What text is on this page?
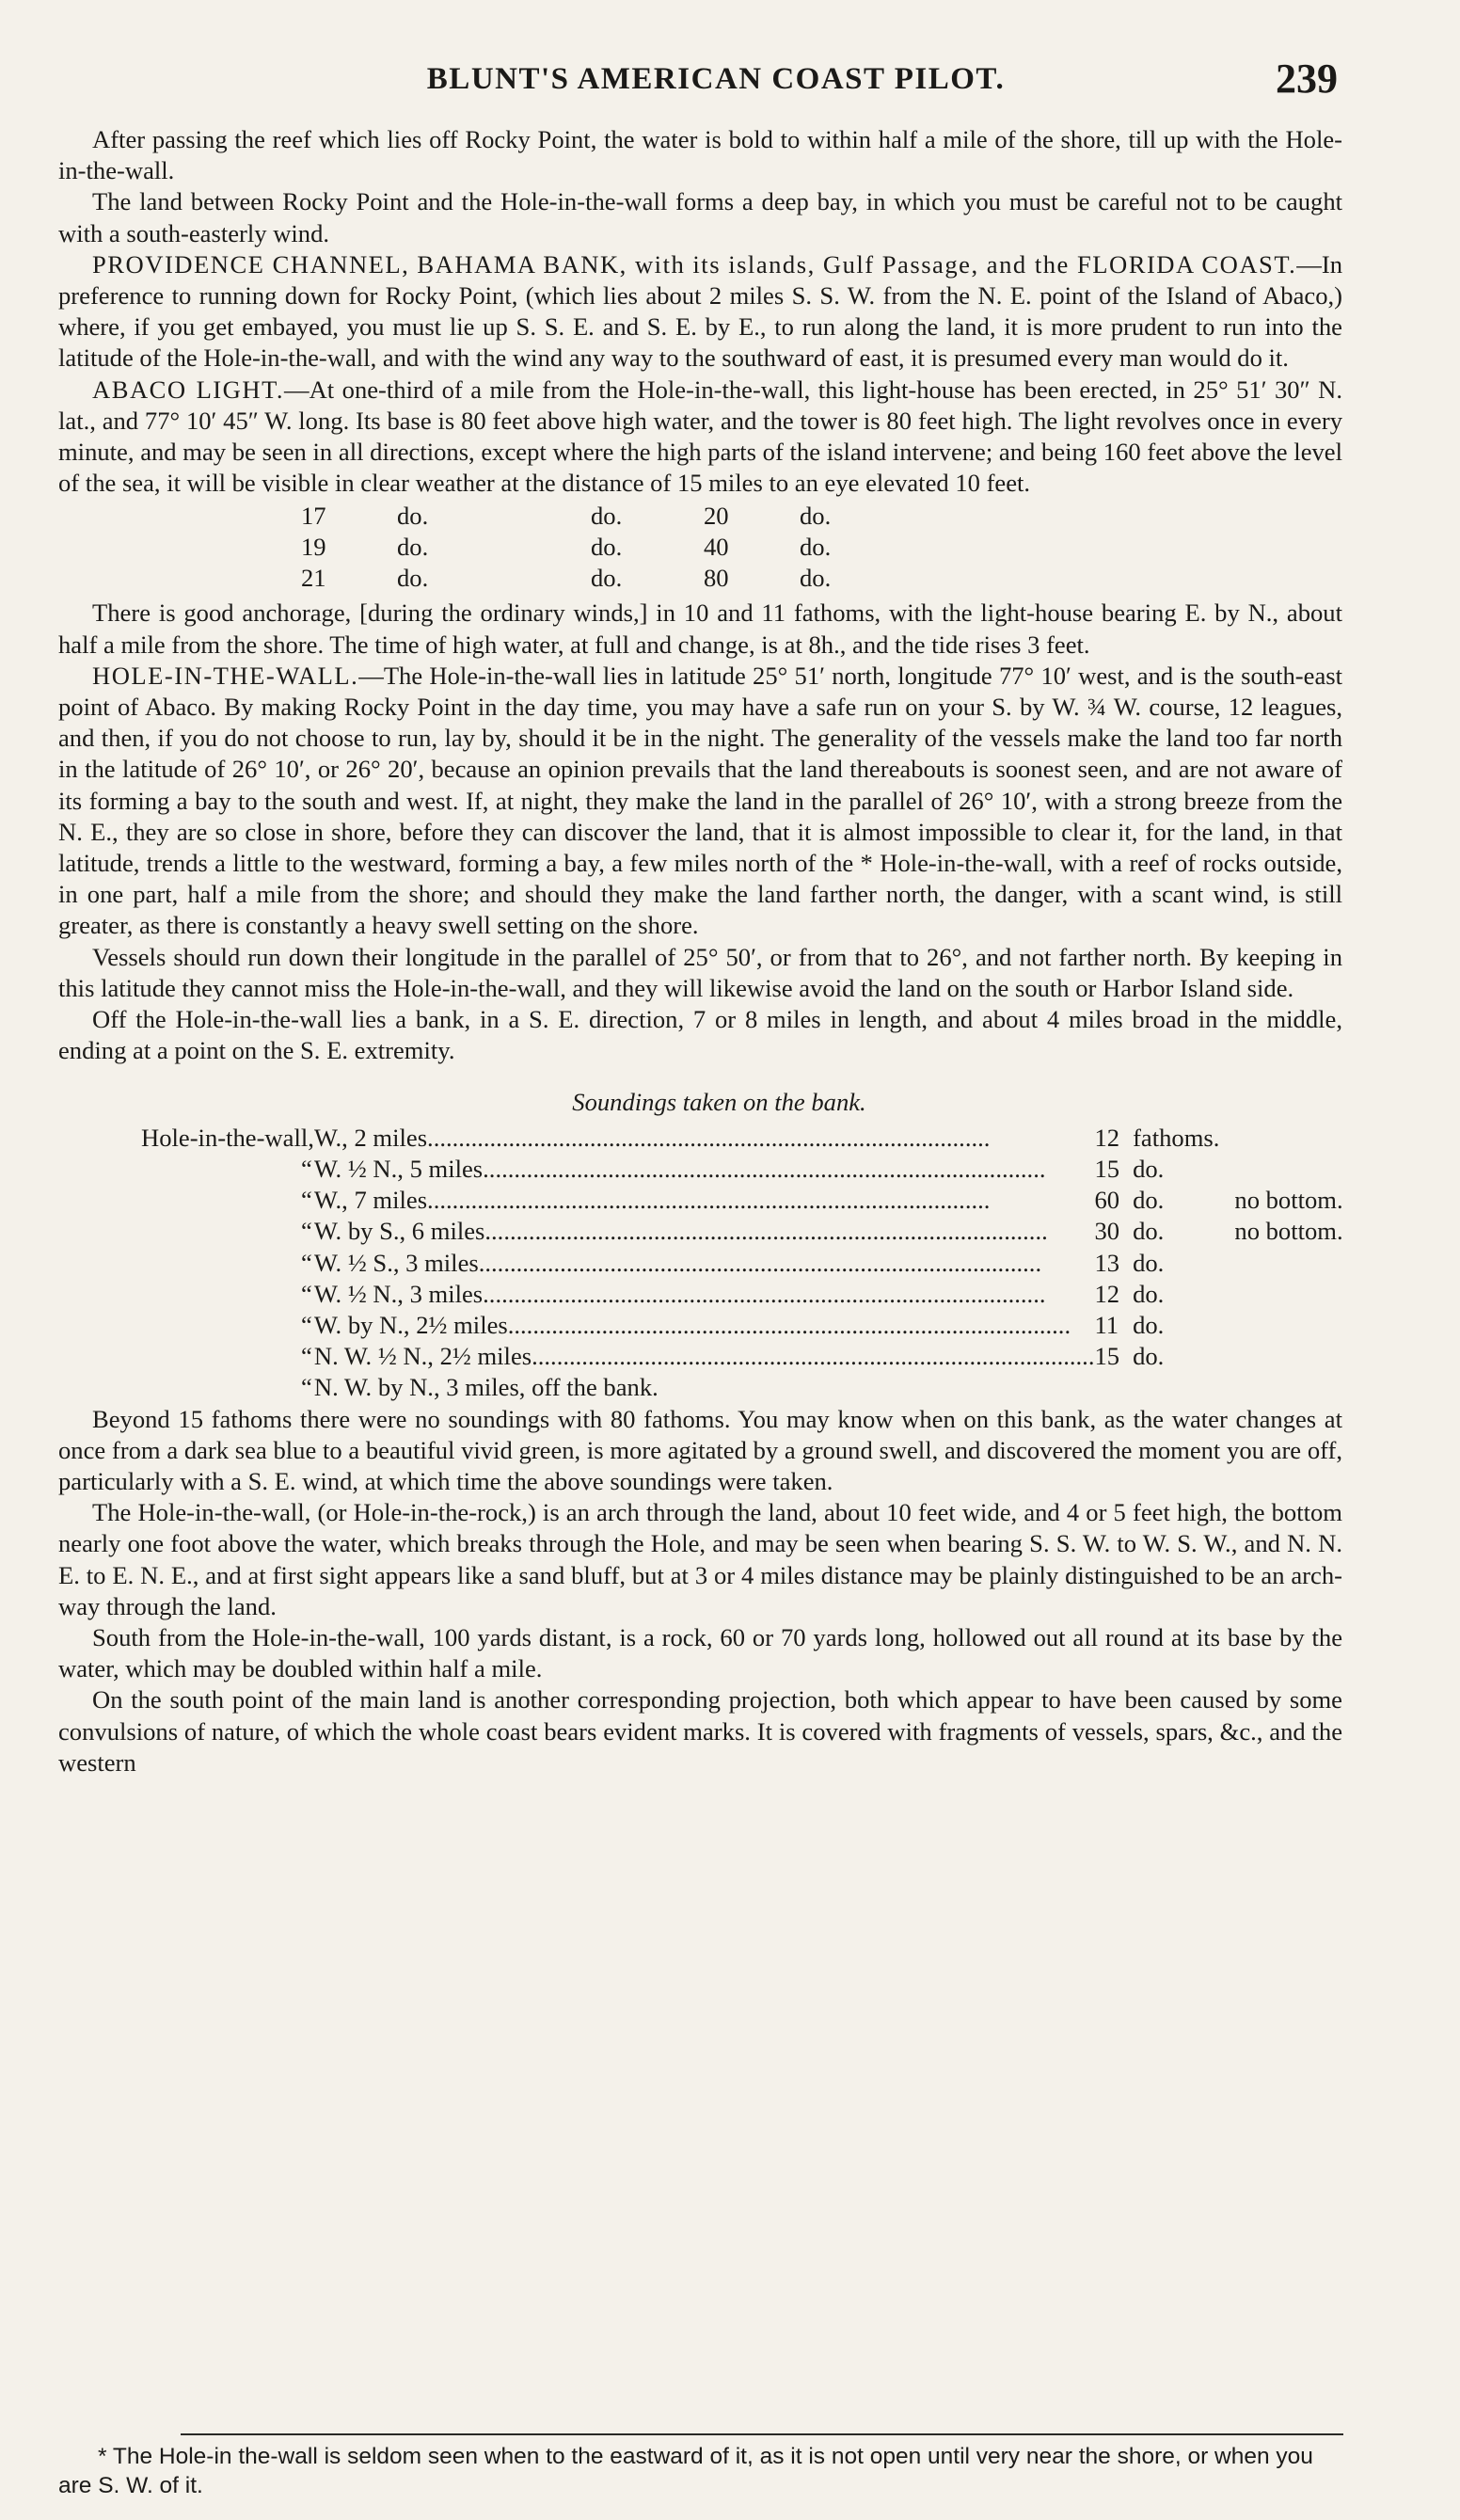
BLUNT'S AMERICAN COAST PILOT.	239

After passing the reef which lies off Rocky Point, the water is bold to within half a mile of the shore, till up with the Hole-in-the-wall.

The land between Rocky Point and the Hole-in-the-wall forms a deep bay, in which you must be careful not to be caught with a south-easterly wind.

PROVIDENCE CHANNEL, BAHAMA BANK, with its islands, Gulf Passage, and the FLORIDA COAST.—In preference to running down for Rocky Point, (which lies about 2 miles S. S. W. from the N. E. point of the Island of Abaco,) where, if you get embayed, you must lie up S. S. E. and S. E. by E., to run along the land, it is more prudent to run into the latitude of the Hole-in-the-wall, and with the wind any way to the southward of east, it is presumed every man would do it.

ABACO LIGHT.—At one-third of a mile from the Hole-in-the-wall, this light-house has been erected, in 25° 51′ 30″ N. lat., and 77° 10′ 45″ W. long. Its base is 80 feet above high water, and the tower is 80 feet high. The light revolves once in every minute, and may be seen in all directions, except where the high parts of the island intervene; and being 160 feet above the level of the sea, it will be visible in clear weather at the distance of 15 miles to an eye elevated 10 feet.

17	do.	do.	20	do.
19	do.	do.	40	do.
21	do.	do.	80	do.

There is good anchorage, [during the ordinary winds,] in 10 and 11 fathoms, with the light-house bearing E. by N., about half a mile from the shore. The time of high water, at full and change, is at 8h., and the tide rises 3 feet.

HOLE-IN-THE-WALL.—The Hole-in-the-wall lies in latitude 25° 51′ north, longitude 77° 10′ west, and is the south-east point of Abaco. By making Rocky Point in the day time, you may have a safe run on your S. by W. ¾ W. course, 12 leagues, and then, if you do not choose to run, lay by, should it be in the night. The generality of the vessels make the land too far north in the latitude of 26° 10′, or 26° 20′, because an opinion prevails that the land thereabouts is soonest seen, and are not aware of its forming a bay to the south and west. If, at night, they make the land in the parallel of 26° 10′, with a strong breeze from the N. E., they are so close in shore, before they can discover the land, that it is almost impossible to clear it, for the land, in that latitude, trends a little to the westward, forming a bay, a few miles north of the * Hole-in-the-wall, with a reef of rocks outside, in one part, half a mile from the shore; and should they make the land farther north, the danger, with a scant wind, is still greater, as there is constantly a heavy swell setting on the shore.

Vessels should run down their longitude in the parallel of 25° 50′, or from that to 26°, and not farther north. By keeping in this latitude they cannot miss the Hole-in-the-wall, and they will likewise avoid the land on the south or Harbor Island side.

Off the Hole-in-the-wall lies a bank, in a S. E. direction, 7 or 8 miles in length, and about 4 miles broad in the middle, ending at a point on the S. E. extremity.

Soundings taken on the bank.
Hole-in-the-wall,	W., 2 miles..........................................................................................	12	fathoms.	
“	W. ½ N., 5 miles..........................................................................................	15	do.	
“	W., 7 miles..........................................................................................	60	do.	no bottom.
“	W. by S., 6 miles..........................................................................................	30	do.	no bottom.
“	W. ½ S., 3 miles..........................................................................................	13	do.	
“	W. ½ N., 3 miles..........................................................................................	12	do.	
“	W. by N., 2½ miles..........................................................................................	11	do.	
“	N. W. ½ N., 2½ miles..........................................................................................	15	do.	
“	N. W. by N., 3 miles, off the bank.			

Beyond 15 fathoms there were no soundings with 80 fathoms. You may know when on this bank, as the water changes at once from a dark sea blue to a beautiful vivid green, is more agitated by a ground swell, and discovered the moment you are off, particularly with a S. E. wind, at which time the above soundings were taken.

The Hole-in-the-wall, (or Hole-in-the-rock,) is an arch through the land, about 10 feet wide, and 4 or 5 feet high, the bottom nearly one foot above the water, which breaks through the Hole, and may be seen when bearing S. S. W. to W. S. W., and N. N. E. to E. N. E., and at first sight appears like a sand bluff, but at 3 or 4 miles distance may be plainly distinguished to be an arch-way through the land.

South from the Hole-in-the-wall, 100 yards distant, is a rock, 60 or 70 yards long, hollowed out all round at its base by the water, which may be doubled within half a mile.

On the south point of the main land is another corresponding projection, both which appear to have been caused by some convulsions of nature, of which the whole coast bears evident marks. It is covered with fragments of vessels, spars, &c., and the western

* The Hole-in the-wall is seldom seen when to the eastward of it, as it is not open until very near the shore, or when you are S. W. of it.
